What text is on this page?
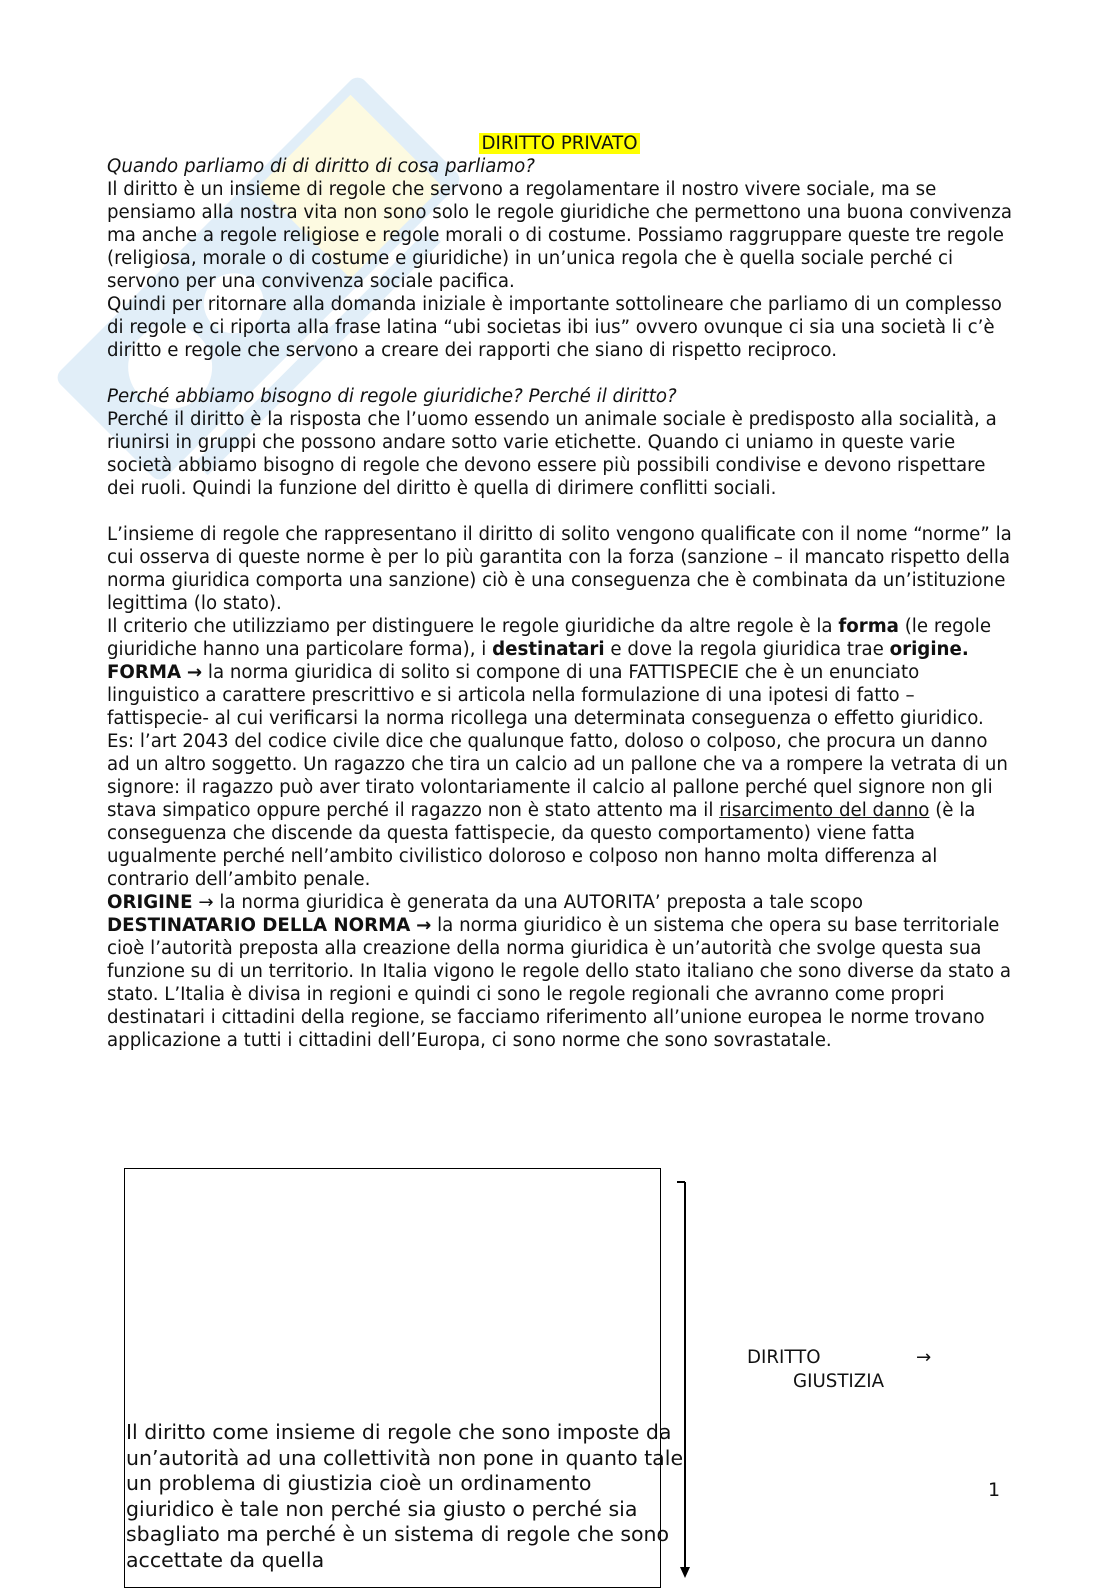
DIRITTO PRIVATO

Quando parliamo di di diritto di cosa parliamo?

Il diritto è un insieme di regole che servono a regolamentare il nostro vivere sociale, ma se pensiamo alla nostra vita non sono solo le regole giuridiche che permettono una buona convivenza ma anche a regole religiose e regole morali o di costume. Possiamo raggruppare queste tre regole (religiosa, morale o di costume e giuridiche) in un’unica regola che è quella sociale perché ci servono per una convivenza sociale pacifica.

Quindi per ritornare alla domanda iniziale è importante sottolineare che parliamo di un complesso di regole e ci riporta alla frase latina “ubi societas ibi ius” ovvero ovunque ci sia una società li c’è diritto e regole che servono a creare dei rapporti che siano di rispetto reciproco.

Perché abbiamo bisogno di regole giuridiche? Perché il diritto?

Perché il diritto è la risposta che l’uomo essendo un animale sociale è predisposto alla socialità, a riunirsi in gruppi che possono andare sotto varie etichette. Quando ci uniamo in queste varie società abbiamo bisogno di regole che devono essere più possibili condivise e devono rispettare dei ruoli. Quindi la funzione del diritto è quella di dirimere conflitti sociali.

L’insieme di regole che rappresentano il diritto di solito vengono qualificate con il nome “norme” la cui osserva di queste norme è per lo più garantita con la forza (sanzione – il mancato rispetto della norma giuridica comporta una sanzione) ciò è una conseguenza che è combinata da un’istituzione legittima (lo stato).

Il criterio che utilizziamo per distinguere le regole giuridiche da altre regole è la forma (le regole giuridiche hanno una particolare forma), i destinatari e dove la regola giuridica trae origine.

FORMA → la norma giuridica di solito si compone di una FATTISPECIE che è un enunciato linguistico a carattere prescrittivo e si articola nella formulazione di una ipotesi di fatto – fattispecie- al cui verificarsi la norma ricollega una determinata conseguenza o effetto giuridico.

Es: l’art 2043 del codice civile dice che qualunque fatto, doloso o colposo, che procura un danno ad un altro soggetto. Un ragazzo che tira un calcio ad un pallone che va a rompere la vetrata di un signore: il ragazzo può aver tirato volontariamente il calcio al pallone perché quel signore non gli stava simpatico oppure perché il ragazzo non è stato attento ma il risarcimento del danno (è la conseguenza che discende da questa fattispecie, da questo comportamento) viene fatta ugualmente perché nell’ambito civilistico doloroso e colposo non hanno molta differenza al contrario dell’ambito penale.

ORIGINE → la norma giuridica è generata da una AUTORITA’ preposta a tale scopo

DESTINATARIO DELLA NORMA → la norma giuridico è un sistema che opera su base territoriale cioè l’autorità preposta alla creazione della norma giuridica è un’autorità che svolge questa sua funzione su di un territorio. In Italia vigono le regole dello stato italiano che sono diverse da stato a stato. L’Italia è divisa in regioni e quindi ci sono le regole regionali che avranno come propri destinatari i cittadini della regione, se facciamo riferimento all’unione europea le norme trovano applicazione a tutti i cittadini dell’Europa, ci sono norme che sono sovrastatale.

Il diritto come insieme di regole che sono imposte da un’autorità ad una collettività non pone in quanto tale un problema di giustizia cioè un ordinamento giuridico è tale non perché sia giusto o perché sia sbagliato ma perché è un sistema di regole che sono accettate da quella
DIRITTO	→
GIUSTIZIA
1
